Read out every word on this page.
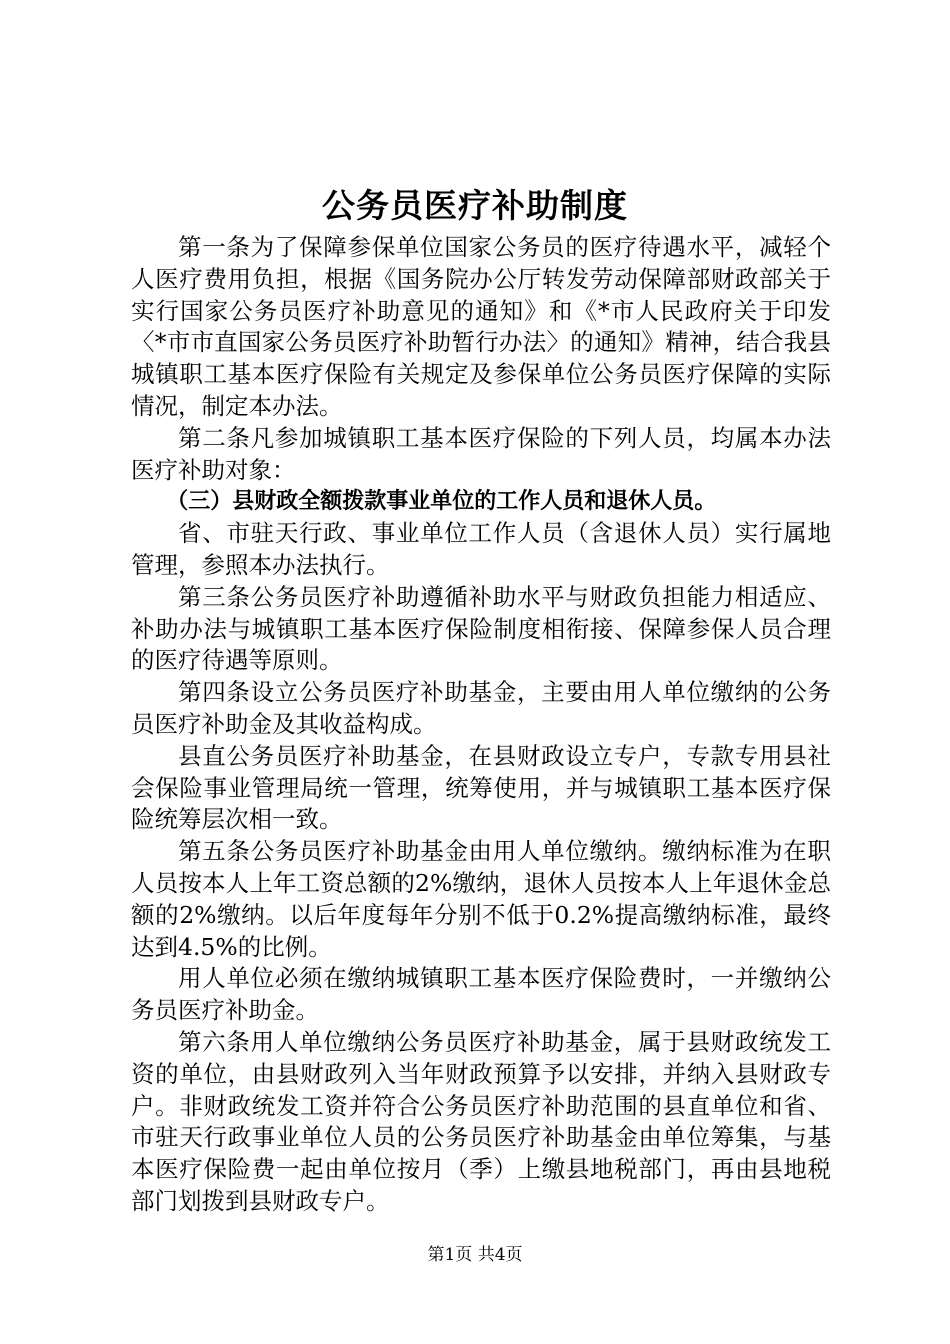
公务员医疗补助制度

第一条为了保障参保单位国家公务员的医疗待遇水平，减轻个人医疗费用负担，根据《国务院办公厅转发劳动保障部财政部关于实行国家公务员医疗补助意见的通知》和《*市人民政府关于印发〈*市市直国家公务员医疗补助暂行办法〉的通知》精神，结合我县城镇职工基本医疗保险有关规定及参保单位公务员医疗保障的实际情况，制定本办法。

第二条凡参加城镇职工基本医疗保险的下列人员，均属本办法医疗补助对象：

（三）县财政全额拨款事业单位的工作人员和退休人员。

省、市驻天行政、事业单位工作人员（含退休人员）实行属地管理，参照本办法执行。

第三条公务员医疗补助遵循补助水平与财政负担能力相适应、补助办法与城镇职工基本医疗保险制度相衔接、保障参保人员合理的医疗待遇等原则。

第四条设立公务员医疗补助基金，主要由用人单位缴纳的公务员医疗补助金及其收益构成。

县直公务员医疗补助基金，在县财政设立专户，专款专用县社会保险事业管理局统一管理，统筹使用，并与城镇职工基本医疗保险统筹层次相一致。

第五条公务员医疗补助基金由用人单位缴纳。缴纳标准为在职人员按本人上年工资总额的2%缴纳，退休人员按本人上年退休金总额的2%缴纳。以后年度每年分别不低于0.2%提高缴纳标准，最终达到4.5%的比例。

用人单位必须在缴纳城镇职工基本医疗保险费时，一并缴纳公务员医疗补助金。

第六条用人单位缴纳公务员医疗补助基金，属于县财政统发工资的单位，由县财政列入当年财政预算予以安排，并纳入县财政专户。非财政统发工资并符合公务员医疗补助范围的县直单位和省、市驻天行政事业单位人员的公务员医疗补助基金由单位筹集，与基本医疗保险费一起由单位按月（季）上缴县地税部门，再由县地税部门划拨到县财政专户。

第1页 共4页
